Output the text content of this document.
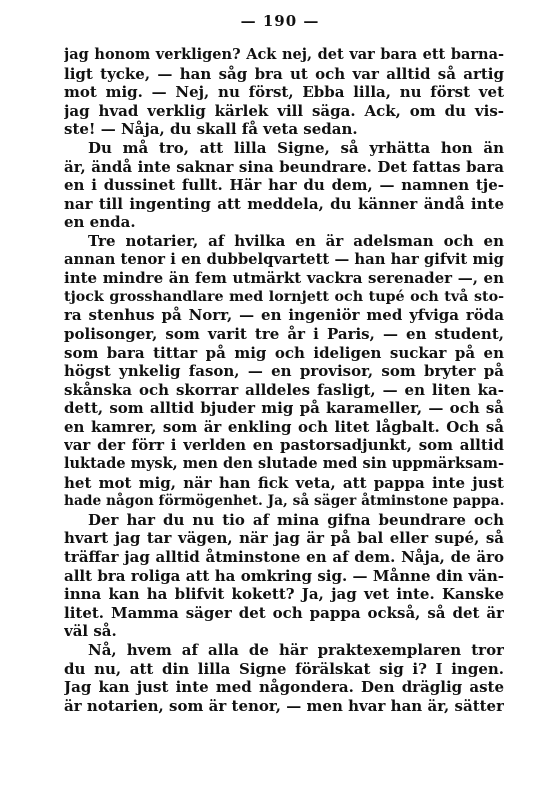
— 190 —
jag honom verkligen? Ack nej, det var bara ett barna-
ligt tycke, — han såg bra ut och var alltid så artig
mot mig. — Nej, nu först, Ebba lilla, nu först vet
jag hvad verklig kärlek vill säga. Ack, om du vis-
ste! — Nåja, du skall få veta sedan.
Du må tro, att lilla Signe, så yrhätta hon än
är, ändå inte saknar sina beundrare. Det fattas bara
en i dussinet fullt. Här har du dem, — namnen tje-
nar till ingenting att meddela, du känner ändå inte
en enda.
Tre notarier, af hvilka en är adelsman och en
annan tenor i en dubbelqvartett — han har gifvit mig
inte mindre än fem utmärkt vackra serenader —, en
tjock grosshandlare med lornjett och tupé och två sto-
ra stenhus på Norr, — en ingeniör med yfviga röda
polisonger, som varit tre år i Paris, — en student,
som bara tittar på mig och ideligen suckar på en
högst ynkelig fason, — en provisor, som bryter på
skånska och skorrar alldeles fasligt, — en liten ka-
dett, som alltid bjuder mig på karameller, — och så
en kamrer, som är enkling och litet lågbalt. Och så
var der förr i verlden en pastorsadjunkt, som alltid
luktade mysk, men den slutade med sin uppmärksam-
het mot mig, när han fick veta, att pappa inte just
hade någon förmögenhet. Ja, så säger åtminstone pappa.
Der har du nu tio af mina gifna beundrare och
hvart jag tar vägen, när jag är på bal eller supé, så
träffar jag alltid åtminstone en af dem. Nåja, de äro
allt bra roliga att ha omkring sig. — Månne din vän-
inna kan ha blifvit kokett? Ja, jag vet inte. Kanske
litet. Mamma säger det och pappa också, så det är
väl så.
Nå, hvem af alla de här praktexemplaren tror
du nu, att din lilla Signe förälskat sig i? I ingen.
Jag kan just inte med någondera. Den dräglig aste
är notarien, som är tenor, — men hvar han är, sätter
